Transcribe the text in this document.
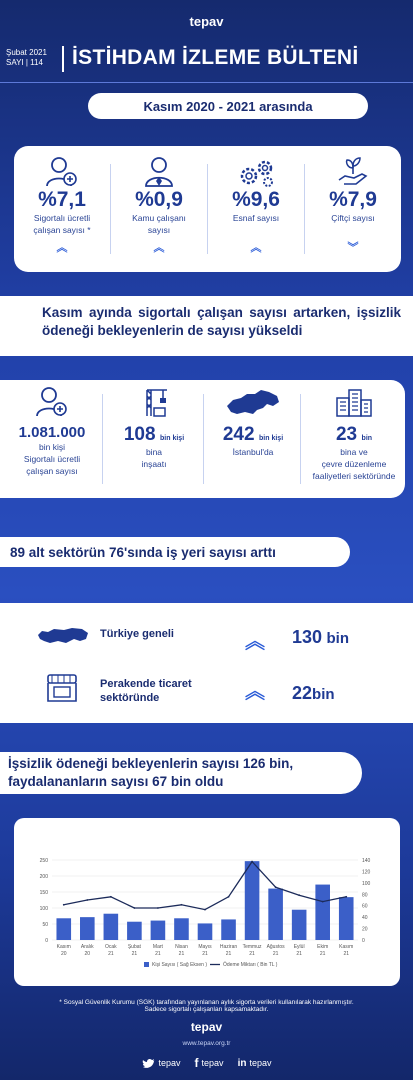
tepav
Şubat 2021
SAYI | 114	İSTİHDAM İZLEME BÜLTENİ
Kasım 2020 - 2021 arasında
%7,1
Sigortalı ücretli
çalışan sayısı *
︽
%0,9
Kamu çalışanı
sayısı
︽
%9,6
Esnaf sayısı
︽
%7,9
Çiftçi sayısı
︾
Kasım ayında sigortalı çalışan sayısı artarken, işsizlik ödeneği bekleyenlerin de sayısı yükseldi
1.081.000
bin kişi
Sigortalı ücretli
çalışan sayısı
108 bin kişi
bina
inşaatı
242 bin kişi
İstanbul'da
23 bin
bina ve
çevre düzenleme
faaliyetleri sektöründe
89 alt sektörün 76'sında iş yeri sayısı arttı
Türkiye geneli	︽ 130 bin
Perakende ticaret
sektöründe	︽ 22bin
İşsizlik ödeneği bekleyenlerin sayısı 126 bin,
faydalananların sayısı 67 bin oldu
0
50
100
150
200
250
0
20
40
60
80
100
120
140
Kasım
20
Aralık
20
Ocak
21
Şubat
21
Mart
21
Nisan
21
Mayıs
21
Haziran
21
Temmuz
21
Ağustos
21
Eylül
21
Ekim
21
Kasım
21
Kişi Sayısı ( Sağ Eksen )	Ödeme Miktarı ( Bin TL )
* Sosyal Güvenlik Kurumu (SGK) tarafından yayınlanan aylık sigorta verileri kullanılarak hazırlanmıştır.
Sadece sigortalı çalışanları kapsamaktadır.
tepav
www.tepav.org.tr
tepav f tepav in tepav
